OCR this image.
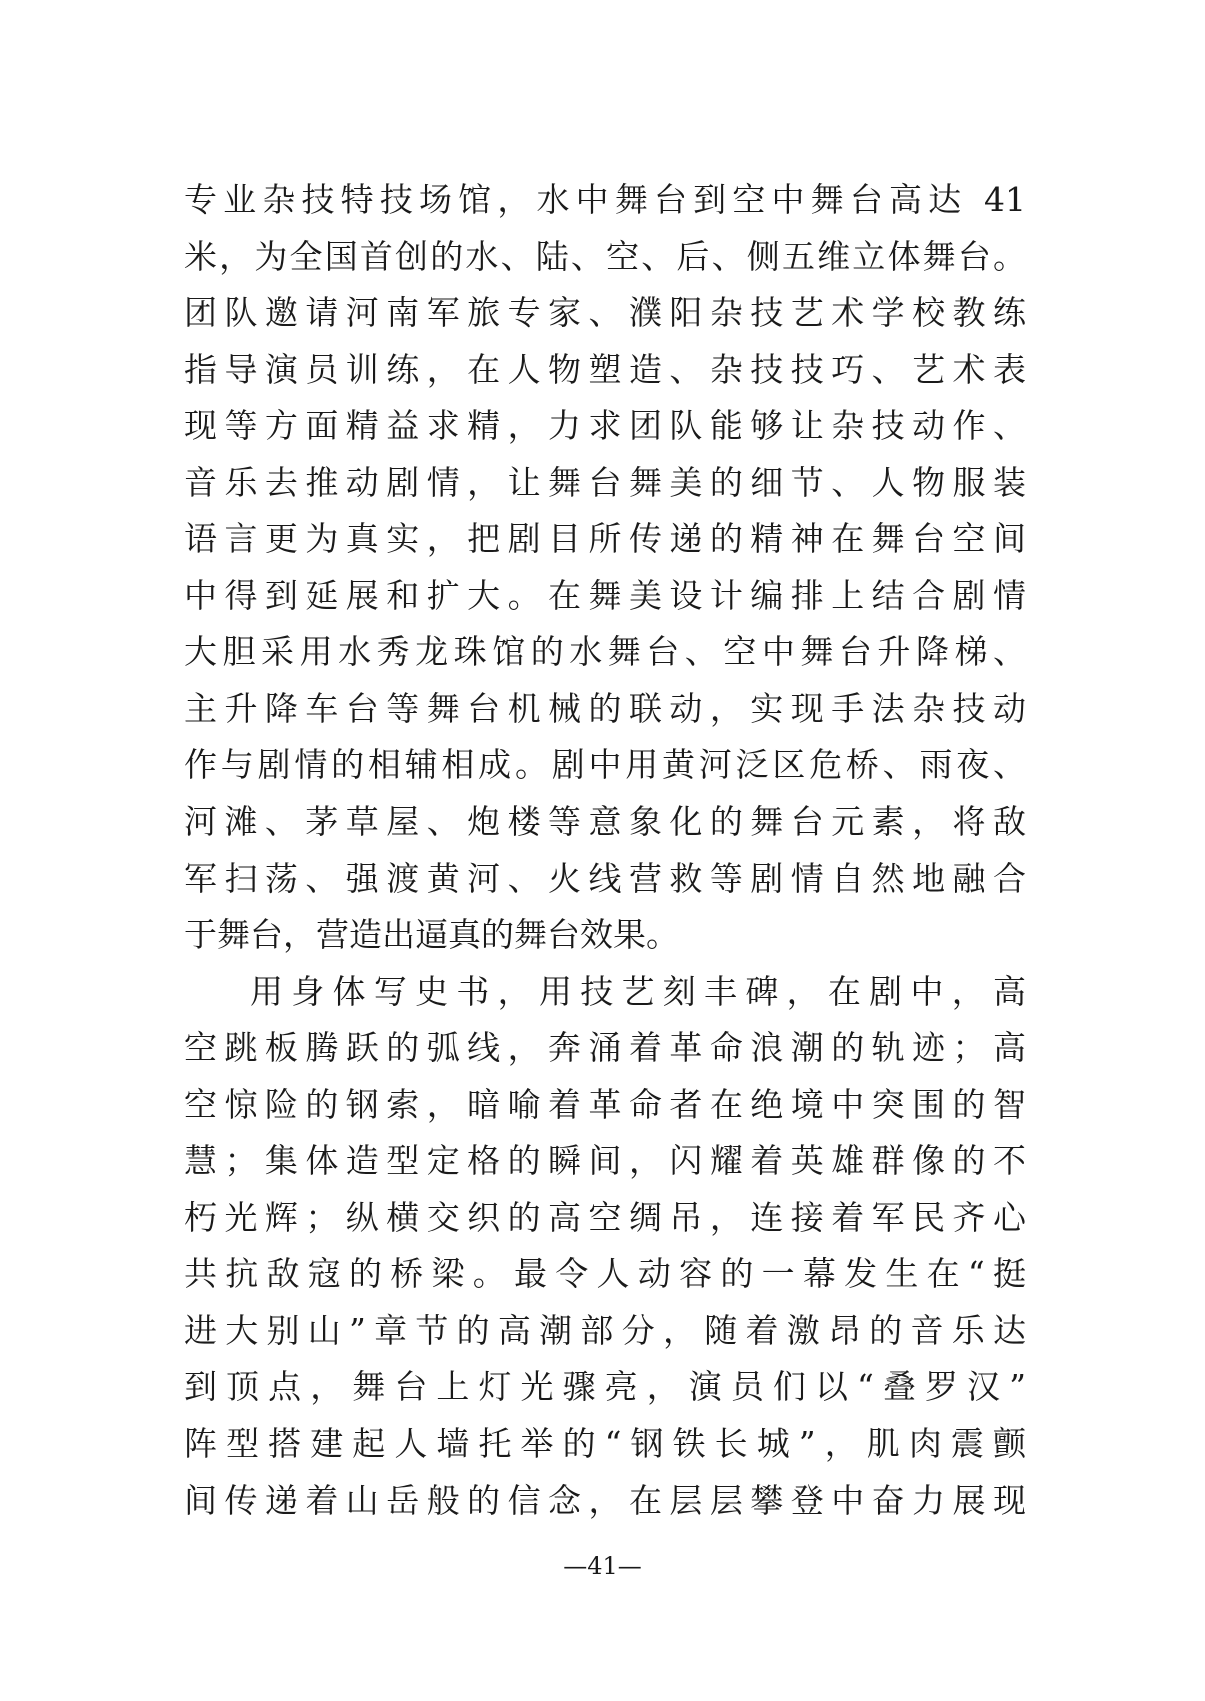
专业杂技特技场馆，水中舞台到空中舞台高达 41
米，为全国首创的水、陆、空、后、侧五维立体舞台。
团队邀请河南军旅专家、濮阳杂技艺术学校教练
指导演员训练，在人物塑造、杂技技巧、艺术表
现等方面精益求精，力求团队能够让杂技动作、
音乐去推动剧情，让舞台舞美的细节、人物服装
语言更为真实，把剧目所传递的精神在舞台空间
中得到延展和扩大。在舞美设计编排上结合剧情
大胆采用水秀龙珠馆的水舞台、空中舞台升降梯、
主升降车台等舞台机械的联动，实现手法杂技动
作与剧情的相辅相成。剧中用黄河泛区危桥、雨夜、
河滩、茅草屋、炮楼等意象化的舞台元素，将敌
军扫荡、强渡黄河、火线营救等剧情自然地融合
于舞台，营造出逼真的舞台效果。
用身体写史书，用技艺刻丰碑，在剧中，高
空跳板腾跃的弧线，奔涌着革命浪潮的轨迹；高
空惊险的钢索，暗喻着革命者在绝境中突围的智
慧；集体造型定格的瞬间，闪耀着英雄群像的不
朽光辉；纵横交织的高空绸吊，连接着军民齐心
共抗敌寇的桥梁。最令人动容的一幕发生在“挺
进大别山”章节的高潮部分，随着激昂的音乐达
到顶点，舞台上灯光骤亮，演员们以“叠罗汉”
阵型搭建起人墙托举的“钢铁长城”，肌肉震颤
间传递着山岳般的信念，在层层攀登中奋力展现
—41—
